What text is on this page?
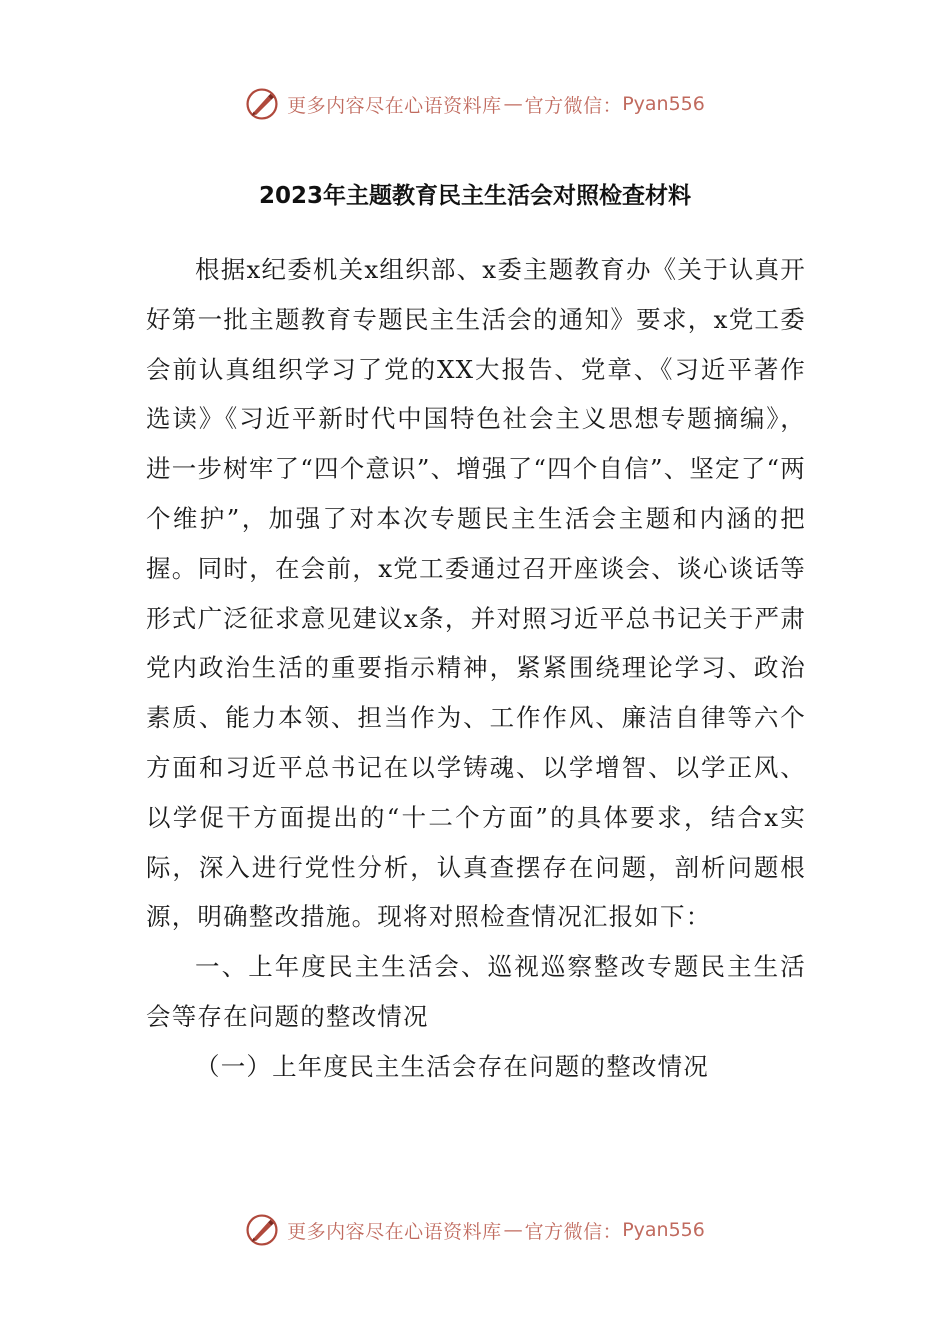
更多内容尽在心语资料库 — 官方微信： Pyan556
2023年主题教育民主生活会对照检查材料

根据x纪委机关x组织部、x委主题教育办《关于认真开好第一批主题教育专题民主生活会的通知》要求，x党工委会前认真组织学习了党的XX大报告、党章、《习近平著作选读》《习近平新时代中国特色社会主义思想专题摘编》，进一步树牢了“四个意识”、增强了“四个自信”、坚定了“两个维护”，加强了对本次专题民主生活会主题和内涵的把握。同时，在会前，x党工委通过召开座谈会、谈心谈话等形式广泛征求意见建议x条，并对照习近平总书记关于严肃党内政治生活的重要指示精神，紧紧围绕理论学习、政治素质、能力本领、担当作为、工作作风、廉洁自律等六个方面和习近平总书记在以学铸魂、以学增智、以学正风、以学促干方面提出的“十二个方面”的具体要求，结合x实际，深入进行党性分析，认真查摆存在问题，剖析问题根源，明确整改措施。现将对照检查情况汇报如下：

一、上年度民主生活会、巡视巡察整改专题民主生活会等存在问题的整改情况

（一）上年度民主生活会存在问题的整改情况

更多内容尽在心语资料库 — 官方微信： Pyan556
